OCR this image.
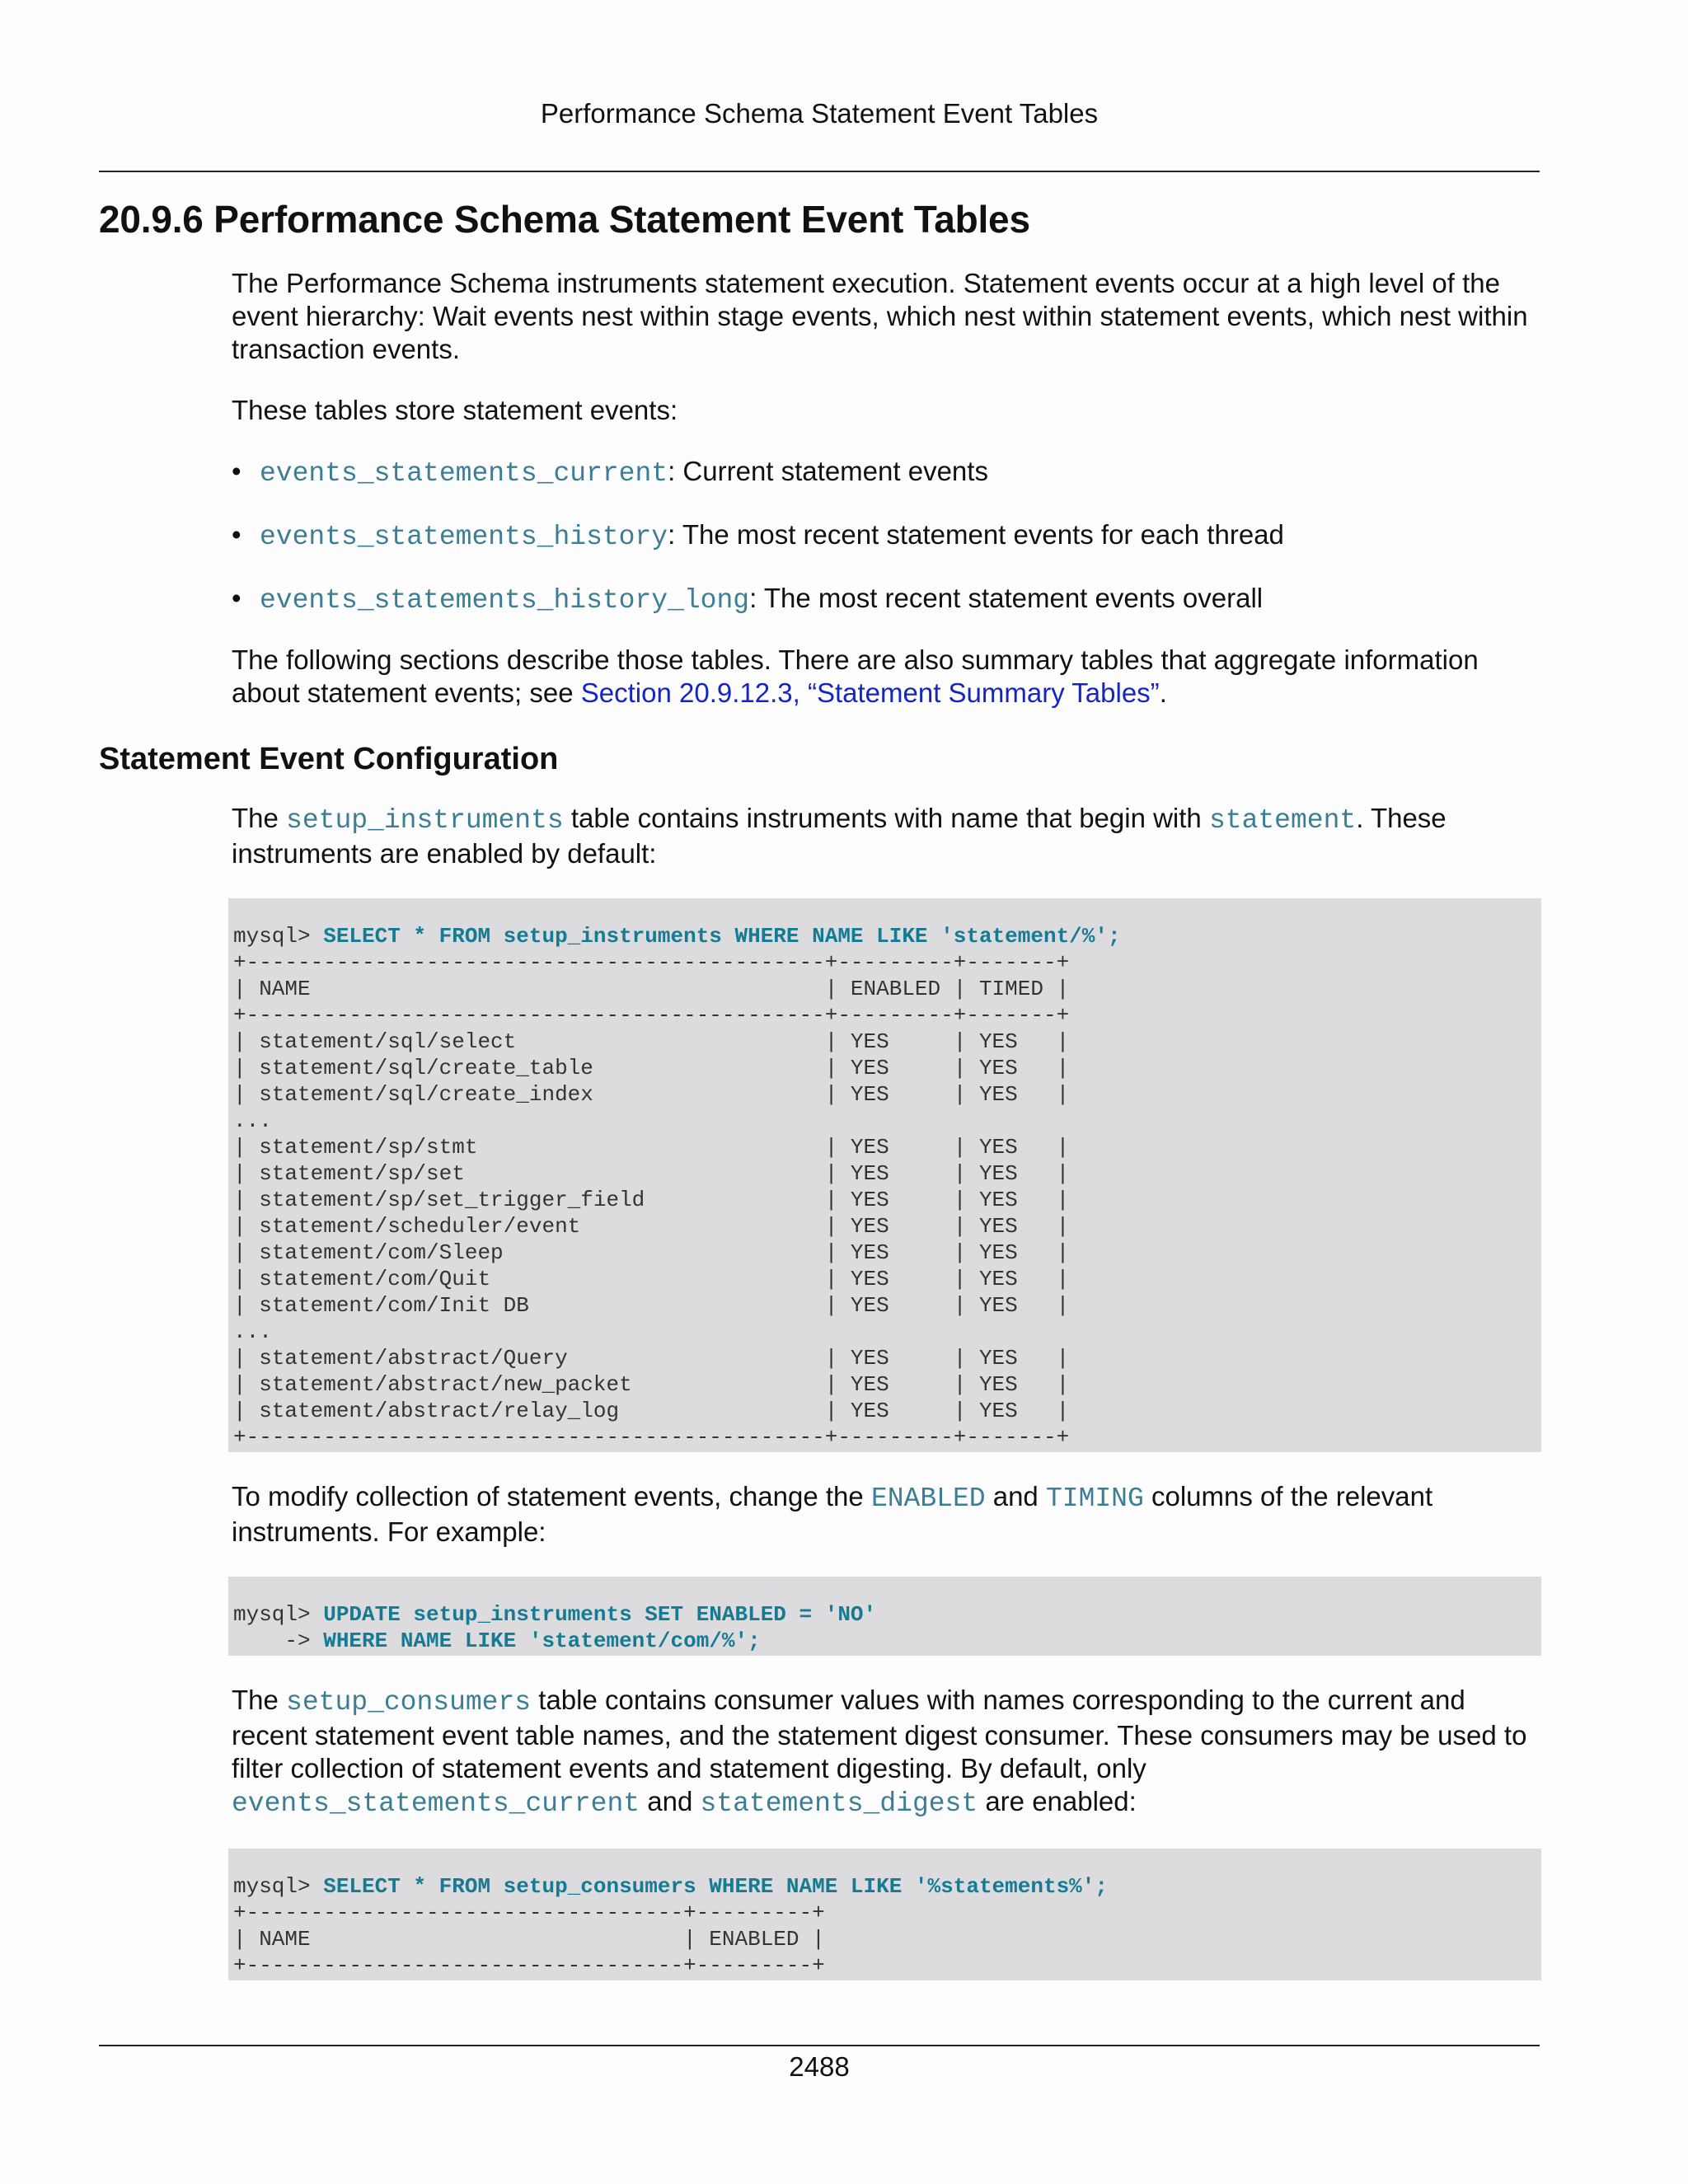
Performance Schema Statement Event Tables
20.9.6 Performance Schema Statement Event Tables

The Performance Schema instruments statement execution. Statement events occur at a high level of the event hierarchy: Wait events nest within stage events, which nest within statement events, which nest within transaction events.

These tables store statement events:

• events_statements_current: Current statement events
• events_statements_history: The most recent statement events for each thread
• events_statements_history_long: The most recent statement events overall

The following sections describe those tables. There are also summary tables that aggregate information about statement events; see Section 20.9.12.3, “Statement Summary Tables”.

Statement Event Configuration

The setup_instruments table contains instruments with name that begin with statement. These instruments are enabled by default:

mysql> SELECT * FROM setup_instruments WHERE NAME LIKE 'statement/%';
+---------------------------------------------+---------+-------+
| NAME                                        | ENABLED | TIMED |
+---------------------------------------------+---------+-------+
| statement/sql/select                        | YES     | YES   |
| statement/sql/create_table                  | YES     | YES   |
| statement/sql/create_index                  | YES     | YES   |
...
| statement/sp/stmt                           | YES     | YES   |
| statement/sp/set                            | YES     | YES   |
| statement/sp/set_trigger_field              | YES     | YES   |
| statement/scheduler/event                   | YES     | YES   |
| statement/com/Sleep                         | YES     | YES   |
| statement/com/Quit                          | YES     | YES   |
| statement/com/Init DB                       | YES     | YES   |
...
| statement/abstract/Query                    | YES     | YES   |
| statement/abstract/new_packet               | YES     | YES   |
| statement/abstract/relay_log                | YES     | YES   |
+---------------------------------------------+---------+-------+

To modify collection of statement events, change the ENABLED and TIMING columns of the relevant instruments. For example:

mysql> UPDATE setup_instruments SET ENABLED = 'NO'
-> WHERE NAME LIKE 'statement/com/%';

The setup_consumers table contains consumer values with names corresponding to the current and recent statement event table names, and the statement digest consumer. These consumers may be used to filter collection of statement events and statement digesting. By default, only events_statements_current and statements_digest are enabled:

mysql> SELECT * FROM setup_consumers WHERE NAME LIKE '%statements%';
+----------------------------------+---------+
| NAME                             | ENABLED |
+----------------------------------+---------+
2488
